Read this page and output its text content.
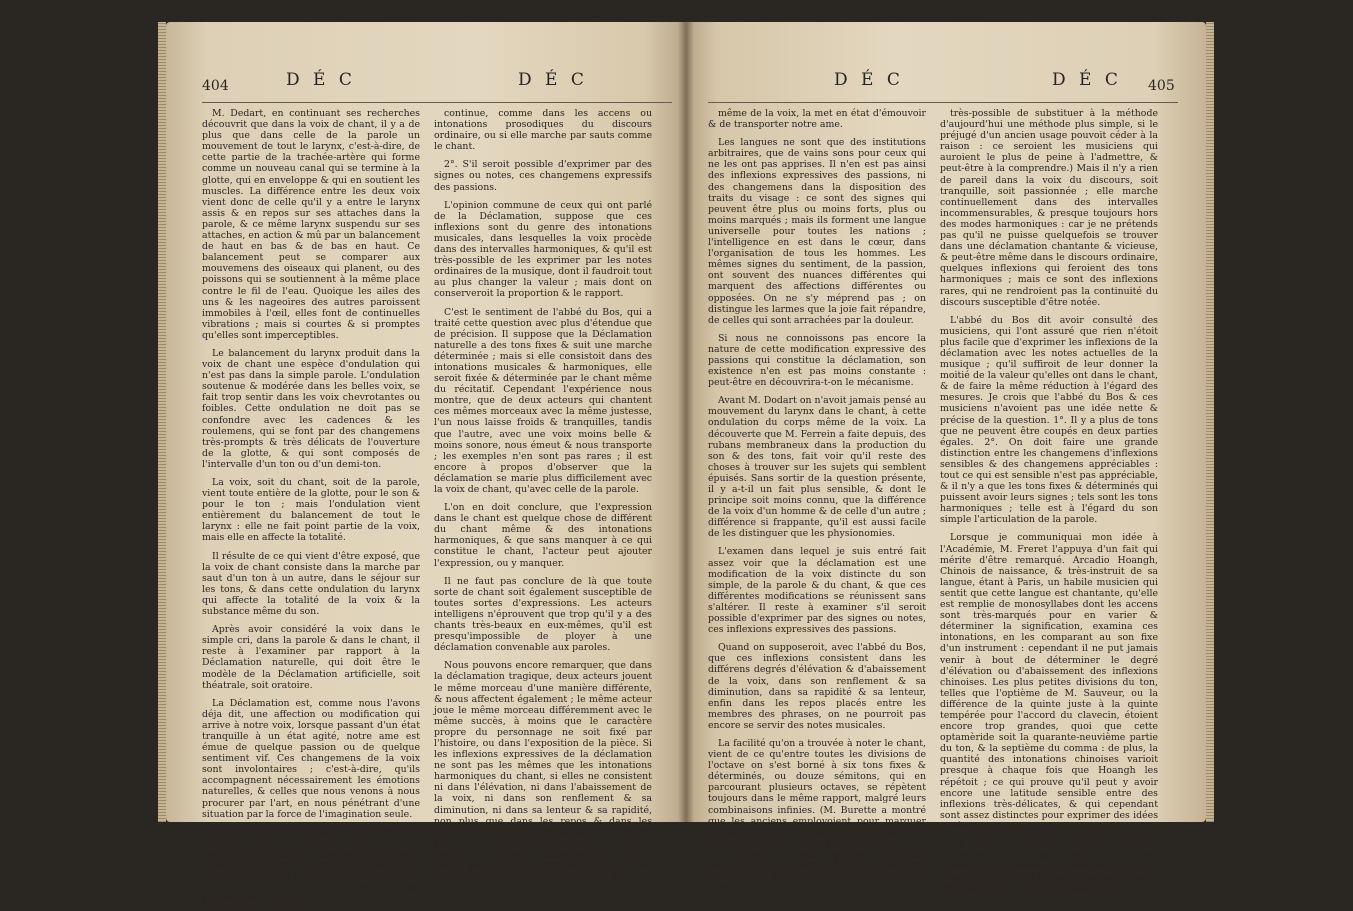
404	D É C	D É C

M. Dedart, en continuant ses recherches découvrit que dans la voix de chant, il y a de plus que dans celle de la parole un mouvement de tout le larynx, c'est-à-dire, de cette partie de la trachée-artère qui forme comme un nouveau canal qui se termine à la glotte, qui en enveloppe & qui en soutient les muscles. La différence entre les deux voix vient donc de celle qu'il y a entre le larynx assis & en repos sur ses attaches dans la parole, & ce même larynx suspendu sur ses attaches, en action & mû par un balancement de haut en bas & de bas en haut. Ce balancement peut se comparer aux mouvemens des oiseaux qui planent, ou des poissons qui se soutiennent à la même place contre le fil de l'eau. Quoique les ailes des uns & les nageoires des autres paroissent immobiles à l'œil, elles font de continuelles vibrations ; mais si courtes & si promptes qu'elles sont imperceptibles.

Le balancement du larynx produit dans la voix de chant une espèce d'ondulation qui n'est pas dans la simple parole. L'ondulation soutenue & modérée dans les belles voix, se fait trop sentir dans les voix chevrotantes ou foibles. Cette ondulation ne doit pas se confondre avec les cadences & les roulemens, qui se font par des changemens très-prompts & très délicats de l'ouverture de la glotte, & qui sont composés de l'intervalle d'un ton ou d'un demi-ton.

La voix, soit du chant, soit de la parole, vient toute entière de la glotte, pour le son & pour le ton ; mais l'ondulation vient entièrement du balancement de tout le larynx : elle ne fait point partie de la voix, mais elle en affecte la totalité.

Il résulte de ce qui vient d'être exposé, que la voix de chant consiste dans la marche par saut d'un ton à un autre, dans le séjour sur les tons, & dans cette ondulation du larynx qui affecte la totalité de la voix & la substance même du son.

Après avoir considéré la voix dans le simple cri, dans la parole & dans le chant, il reste à l'examiner par rapport à la Déclamation naturelle, qui doit être le modèle de la Déclamation artificielle, soit théatrale, soit oratoire.

La Déclamation est, comme nous l'avons déja dit, une affection ou modification qui arrive à notre voix, lorsque passant d'un état tranquille à un état agité, notre ame est émue de quelque passion ou de quelque sentiment vif. Ces changemens de la voix sont involontaires ; c'est-à-dire, qu'ils accompagnent nécessairement les émotions naturelles, & celles que nous venons à nous procurer par l'art, en nous pénétrant d'une situation par la force de l'imagination seule.

La question se réduit donc actuellement à savoir, 1°. Si ces changemens de voix, expressifs des passions, consistent seulement dans les différens degrés d'élévation & d'abaissement de la voix, & si en passant d'un ton à l'autre, elle marche par progression successive &

continue, comme dans les accens ou intonations prosodiques du discours ordinaire, ou si elle marche par sauts comme le chant.

2°. S'il seroit possible d'exprimer par des signes ou notes, ces changemens expressifs des passions.

L'opinion commune de ceux qui ont parlé de la Déclamation, suppose que ces inflexions sont du genre des intonations musicales, dans lesquelles la voix procède dans des intervalles harmoniques, & qu'il est très-possible de les exprimer par les notes ordinaires de la musique, dont il faudroit tout au plus changer la valeur ; mais dont on conserveroit la proportion & le rapport.

C'est le sentiment de l'abbé du Bos, qui a traité cette question avec plus d'étendue que de précision. Il suppose que la Déclamation naturelle a des tons fixes & suit une marche déterminée ; mais si elle consistoit dans des intonations musicales & harmoniques, elle seroit fixée & déterminée par le chant même du récitatif. Cependant l'expérience nous montre, que de deux acteurs qui chantent ces mêmes morceaux avec la même justesse, l'un nous laisse froids & tranquilles, tandis que l'autre, avec une voix moins belle & moins sonore, nous émeut & nous transporte ; les exemples n'en sont pas rares ; il est encore à propos d'observer que la déclamation se marie plus difficilement avec la voix de chant, qu'avec celle de la parole.

L'on en doit conclure, que l'expression dans le chant est quelque chose de différent du chant même & des intonations harmoniques, & que sans manquer à ce qui constitue le chant, l'acteur peut ajouter l'expression, ou y manquer.

Il ne faut pas conclure de là que toute sorte de chant soit également susceptible de toutes sortes d'expressions. Les acteurs intelligens n'éprouvent que trop qu'il y a des chants très-beaux en eux-mêmes, qu'il est presqu'impossible de ployer à une déclamation convenable aux paroles.

Nous pouvons encore remarquer, que dans la déclamation tragique, deux acteurs jouent le même morceau d'une manière différente, & nous affectent également ; le même acteur joue le même morceau différemment avec le même succès, à moins que le caractère propre du personnage ne soit fixé par l'histoire, ou dans l'exposition de la pièce. Si les inflexions expressives de la déclamation ne sont pas les mêmes que les intonations harmoniques du chant, si elles ne consistent ni dans l'élévation, ni dans l'abaissement de la voix, ni dans son renflement & sa diminution, ni dans sa lenteur & sa rapidité, non plus que dans les repos & dans les silences ; enfin si la déclamation ne réside pas de l'assemblage de toutes ces choses, quoique la plupart l'accompagnent, il faut donc que cette expression dépende de quelque autre chose, qui affectant le son

D É C	D É C 405

même de la voix, la met en état d'émouvoir & de transporter notre ame.

Les langues ne sont que des institutions arbitraires, que de vains sons pour ceux qui ne les ont pas apprises. Il n'en est pas ainsi des inflexions expressives des passions, ni des changemens dans la disposition des traits du visage : ce sont des signes qui peuvent être plus ou moins forts, plus ou moins marqués ; mais ils forment une langue universelle pour toutes les nations ; l'intelligence en est dans le cœur, dans l'organisation de tous les hommes. Les mêmes signes du sentiment, de la passion, ont souvent des nuances différentes qui marquent des affections différentes ou opposées. On ne s'y méprend pas ; on distingue les larmes que la joie fait répandre, de celles qui sont arrachées par la douleur.

Si nous ne connoissons pas encore la nature de cette modification expressive des passions qui constitue la déclamation, son existence n'en est pas moins constante : peut-être en découvrira-t-on le mécanisme.

Avant M. Dodart on n'avoit jamais pensé au mouvement du larynx dans le chant, à cette ondulation du corps même de la voix. La découverte que M. Ferrein a faite depuis, des rubans membraneux dans la production du son & des tons, fait voir qu'il reste des choses à trouver sur les sujets qui semblent épuisés. Sans sortir de la question présente, il y a-t-il un fait plus sensible, & dont le principe soit moins connu, que la différence de la voix d'un homme & de celle d'un autre ; différence si frappante, qu'il est aussi facile de les distinguer que les physionomies.

L'examen dans lequel je suis entré fait assez voir que la déclamation est une modification de la voix distincte du son simple, de la parole & du chant, & que ces différentes modifications se réunissent sans s'altérer. Il reste à examiner s'il seroit possible d'exprimer par des signes ou notes, ces inflexions expressives des passions.

Quand on supposeroit, avec l'abbé du Bos, que ces inflexions consistent dans les différens degrés d'élévation & d'abaissement de la voix, dans son renflement & sa diminution, dans sa rapidité & sa lenteur, enfin dans les repos placés entre les membres des phrases, on ne pourroit pas encore se servir des notes musicales.

La facilité qu'on a trouvée à noter le chant, vient de ce qu'entre toutes les divisions de l'octave on s'est borné à six tons fixes & déterminés, ou douze sémitons, qui en parcourant plusieurs octaves, se répètent toujours dans le même rapport, malgré leurs combinaisons infinies. (M. Burette a montré que les anciens employoient pour marquer les tons du chant, jusqu'à 1620 caractères, auxquels Gui d'Arezzo a substitué un très-petit nombre de notes, qui par leur seule position sur une espèce d'échelle, deviennent susceptibles d'une infinité de combinaisons. Il seroit encore

très-possible de substituer à la méthode d'aujourd'hui une méthode plus simple, si le préjugé d'un ancien usage pouvoit céder à la raison : ce seroient les musiciens qui auroient le plus de peine à l'admettre, & peut-être à la comprendre.) Mais il n'y a rien de pareil dans la voix du discours, soit tranquille, soit passionnée ; elle marche continuellement dans des intervalles incommensurables, & presque toujours hors des modes harmoniques : car je ne prétends pas qu'il ne puisse quelquefois se trouver dans une déclamation chantante & vicieuse, & peut-être même dans le discours ordinaire, quelques inflexions qui feroient des tons harmoniques ; mais ce sont des inflexions rares, qui ne rendroient pas la continuité du discours susceptible d'être notée.

L'abbé du Bos dit avoir consulté des musiciens, qui l'ont assuré que rien n'étoit plus facile que d'exprimer les inflexions de la déclamation avec les notes actuelles de la musique ; qu'il suffiroit de leur donner la moitié de la valeur qu'elles ont dans le chant, & de faire la même réduction à l'égard des mesures. Je crois que l'abbé du Bos & ces musiciens n'avoient pas une idée nette & précise de la question. 1°. Il y a plus de tons que ne peuvent être coupés en deux parties égales. 2°. On doit faire une grande distinction entre les changemens d'inflexions sensibles & des changemens appréciables : tout ce qui est sensible n'est pas appréciable, & il n'y a que les tons fixes & déterminés qui puissent avoir leurs signes ; tels sont les tons harmoniques ; telle est à l'égard du son simple l'articulation de la parole.

Lorsque je communiquai mon idée à l'Académie, M. Freret l'appuya d'un fait qui mérite d'être remarqué. Arcadio Hoangh, Chinois de naissance, & très-instruit de sa langue, étant à Paris, un habile musicien qui sentit que cette langue est chantante, qu'elle est remplie de monosyllabes dont les accens sont très-marqués pour en varier & déterminer la signification, examina ces intonations, en les comparant au son fixe d'un instrument : cependant il ne put jamais venir à bout de déterminer le degré d'élévation ou d'abaissement des inflexions chinoises. Les plus petites divisions du ton, telles que l'optième de M. Sauveur, ou la différence de la quinte juste à la quinte tempérée pour l'accord du clavecin, étoient encore trop grandes, quoi que cette optamèride soit la quarante-neuvième partie du ton, & la septième du comma : de plus, la quantité des intonations chinoises varioit presque à chaque fois que Hoangh les répétoit ; ce qui prouve qu'il peut y avoir encore une latitude sensible entre des inflexions très-délicates, & qui cependant sont assez distinctes pour exprimer des idées différentes.

S'il n'est pas possible de trouver dans la proportion harmonique des subdivisions capables d'exprimer les intonations d'une langue, telle que la chinoise, qui nous paroît très-chantante ; où trouverons-on des
